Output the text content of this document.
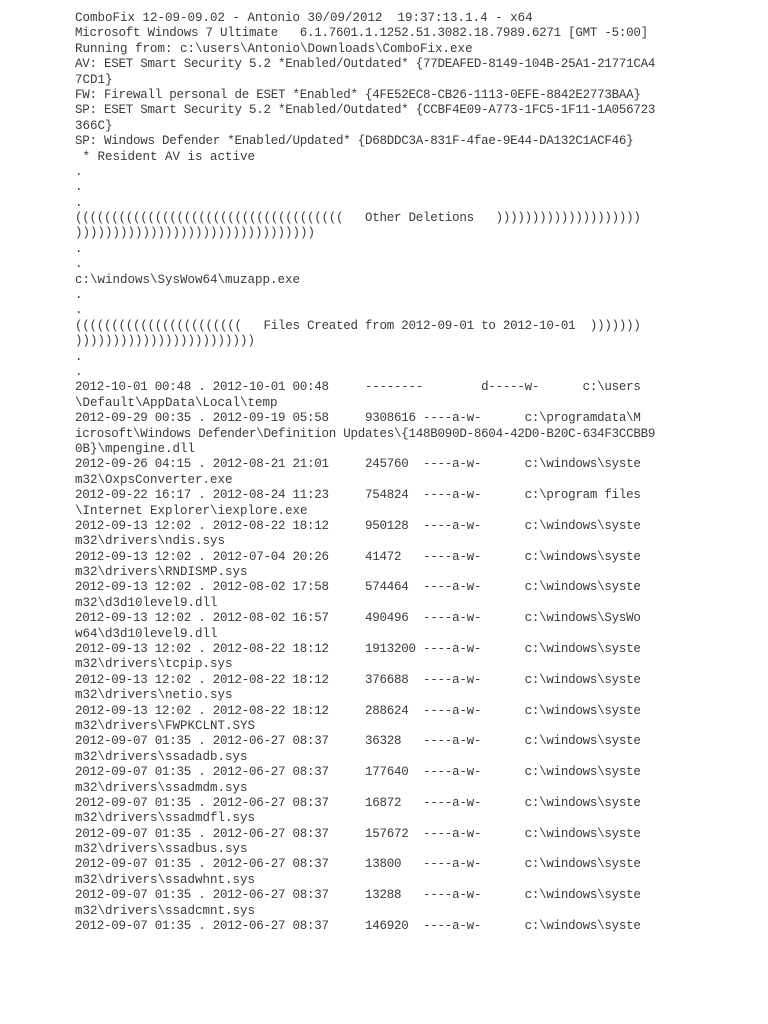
ComboFix 12-09-09.02 - Antonio 30/09/2012  19:37:13.1.4 - x64
Microsoft Windows 7 Ultimate   6.1.7601.1.1252.51.3082.18.7989.6271 [GMT -5:00]
Running from: c:\users\Antonio\Downloads\ComboFix.exe
AV: ESET Smart Security 5.2 *Enabled/Outdated* {77DEAFED-8149-104B-25A1-21771CA4
7CD1}
FW: Firewall personal de ESET *Enabled* {4FE52EC8-CB26-1113-0EFE-8842E2773BAA}
SP: ESET Smart Security 5.2 *Enabled/Outdated* {CCBF4E09-A773-1FC5-1F11-1A056723
366C}
SP: Windows Defender *Enabled/Updated* {D68DDC3A-831F-4fae-9E44-DA132C1ACF46}
* Resident AV is active
.
.
.
(((((((((((((((((((((((((((((((((((((   Other Deletions   ))))))))))))))))))))
))))))))))))))))))))))))))))))))
.
.
c:\windows\SysWow64\muzapp.exe
.
.
(((((((((((((((((((((((   Files Created from 2012-09-01 to 2012-10-01  )))))))
))))))))))))))))))))))))
.
.
2012-10-01 00:48 . 2012-10-01 00:48     --------        d-----w-      c:\users
\Default\AppData\Local\temp
2012-09-29 00:35 . 2012-09-19 05:58     9308616 ----a-w-      c:\programdata\M
icrosoft\Windows Defender\Definition Updates\{148B090D-8604-42D0-B20C-634F3CCBB9
0B}\mpengine.dll
2012-09-26 04:15 . 2012-08-21 21:01     245760  ----a-w-      c:\windows\syste
m32\OxpsConverter.exe
2012-09-22 16:17 . 2012-08-24 11:23     754824  ----a-w-      c:\program files
\Internet Explorer\iexplore.exe
2012-09-13 12:02 . 2012-08-22 18:12     950128  ----a-w-      c:\windows\syste
m32\drivers\ndis.sys
2012-09-13 12:02 . 2012-07-04 20:26     41472   ----a-w-      c:\windows\syste
m32\drivers\RNDISMP.sys
2012-09-13 12:02 . 2012-08-02 17:58     574464  ----a-w-      c:\windows\syste
m32\d3d10level9.dll
2012-09-13 12:02 . 2012-08-02 16:57     490496  ----a-w-      c:\windows\SysWo
w64\d3d10level9.dll
2012-09-13 12:02 . 2012-08-22 18:12     1913200 ----a-w-      c:\windows\syste
m32\drivers\tcpip.sys
2012-09-13 12:02 . 2012-08-22 18:12     376688  ----a-w-      c:\windows\syste
m32\drivers\netio.sys
2012-09-13 12:02 . 2012-08-22 18:12     288624  ----a-w-      c:\windows\syste
m32\drivers\FWPKCLNT.SYS
2012-09-07 01:35 . 2012-06-27 08:37     36328   ----a-w-      c:\windows\syste
m32\drivers\ssadadb.sys
2012-09-07 01:35 . 2012-06-27 08:37     177640  ----a-w-      c:\windows\syste
m32\drivers\ssadmdm.sys
2012-09-07 01:35 . 2012-06-27 08:37     16872   ----a-w-      c:\windows\syste
m32\drivers\ssadmdfl.sys
2012-09-07 01:35 . 2012-06-27 08:37     157672  ----a-w-      c:\windows\syste
m32\drivers\ssadbus.sys
2012-09-07 01:35 . 2012-06-27 08:37     13800   ----a-w-      c:\windows\syste
m32\drivers\ssadwhnt.sys
2012-09-07 01:35 . 2012-06-27 08:37     13288   ----a-w-      c:\windows\syste
m32\drivers\ssadcmnt.sys
2012-09-07 01:35 . 2012-06-27 08:37     146920  ----a-w-      c:\windows\syste
